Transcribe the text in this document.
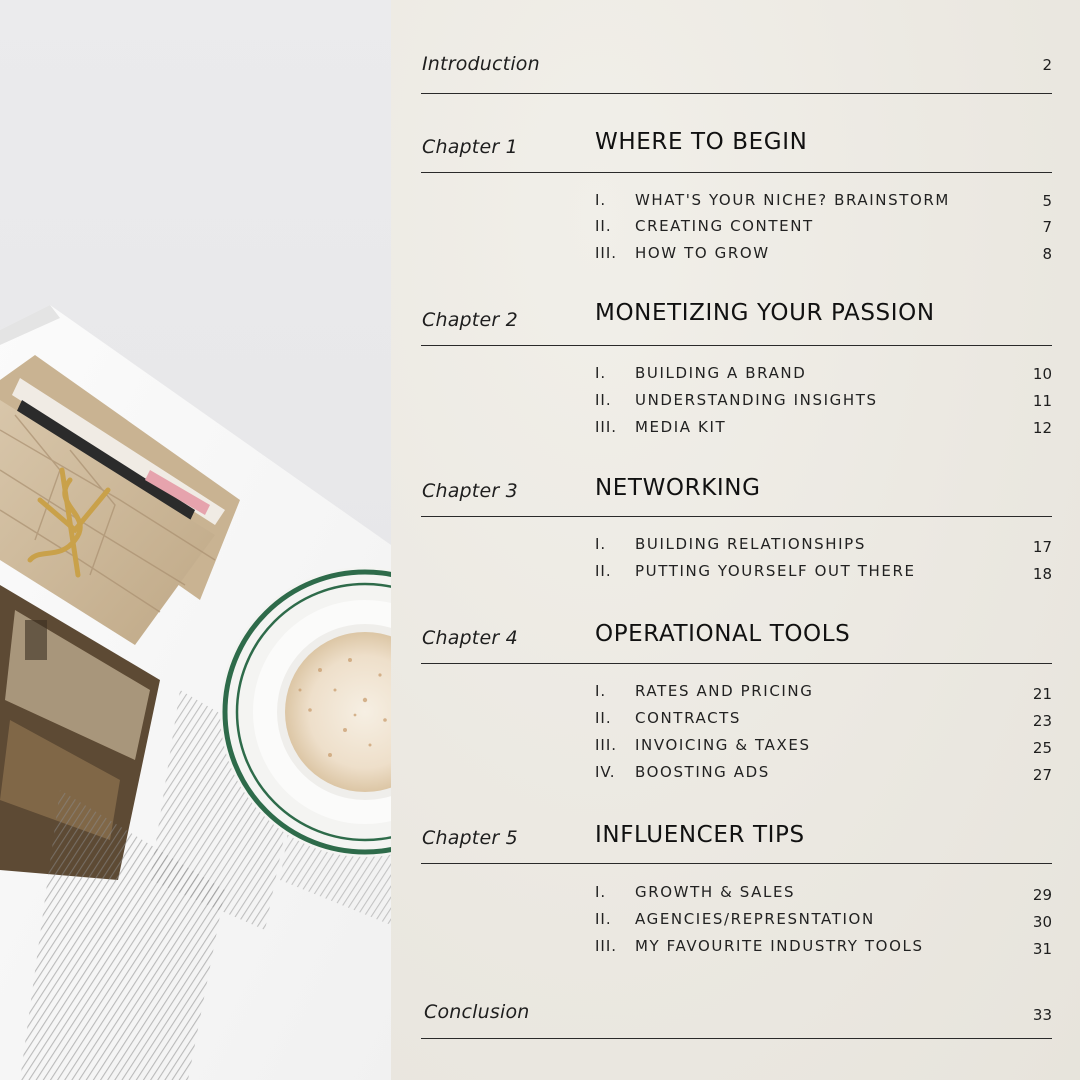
Introduction	2
Chapter 1	WHERE TO BEGIN
I. WHAT'S YOUR NICHE? BRAINSTORM	5
II. CREATING CONTENT	7
III. HOW TO GROW	8
Chapter 2	MONETIZING YOUR PASSION
I. BUILDING A BRAND	10
II. UNDERSTANDING INSIGHTS	11
III. MEDIA KIT	12
Chapter 3	NETWORKING
I. BUILDING RELATIONSHIPS	17
II. PUTTING YOURSELF OUT THERE	18
Chapter 4	OPERATIONAL TOOLS
I. RATES AND PRICING	21
II. CONTRACTS	23
III. INVOICING & TAXES	25
IV. BOOSTING ADS	27
Chapter 5	INFLUENCER TIPS
I. GROWTH & SALES	29
II. AGENCIES/REPRESNTATION	30
III. MY FAVOURITE INDUSTRY TOOLS	31
Conclusion	33
